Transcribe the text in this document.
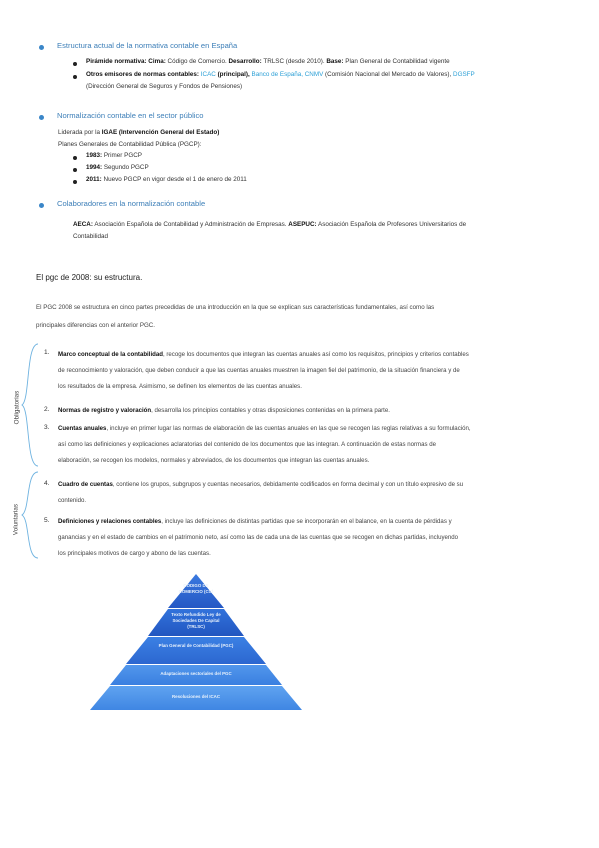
Estructura actual de la normativa contable en España
Pirámide normativa: Cima: Código de Comercio. Desarrollo: TRLSC (desde 2010). Base: Plan General de Contabilidad vigente
Otros emisores de normas contables: ICAC (principal), Banco de España, CNMV (Comisión Nacional del Mercado de Valores), DGSFP
(Dirección General de Seguros y Fondos de Pensiones)
Normalización contable en el sector público
Liderada por la IGAE (Intervención General del Estado)
Planes Generales de Contabilidad Pública (PGCP):
1983: Primer PGCP
1994: Segundo PGCP
2011: Nuevo PGCP en vigor desde el 1 de enero de 2011
Colaboradores en la normalización contable
AECA: Asociación Española de Contabilidad y Administración de Empresas. ASEPUC: Asociación Española de Profesores Universitarios de
Contabilidad
El pgc de 2008: su estructura.
El PGC 2008 se estructura en cinco partes precedidas de una introducción en la que se explican sus características fundamentales, así como las
principales diferencias con el anterior PGC.
Obligatorias
Voluntarias
1. Marco conceptual de la contabilidad, recoge los documentos que integran las cuentas anuales así como los requisitos, principios y criterios contables
de reconocimiento y valoración, que deben conducir a que las cuentas anuales muestren la imagen fiel del patrimonio, de la situación financiera y de
los resultados de la empresa. Asimismo, se definen los elementos de las cuentas anuales.
2. Normas de registro y valoración, desarrolla los principios contables y otras disposiciones contenidas en la primera parte.
3. Cuentas anuales, incluye en primer lugar las normas de elaboración de las cuentas anuales en las que se recogen las reglas relativas a su formulación,
así como las definiciones y explicaciones aclaratorias del contenido de los documentos que las integran. A continuación de estas normas de
elaboración, se recogen los modelos, normales y abreviados, de los documentos que integran las cuentas anuales.
4. Cuadro de cuentas, contiene los grupos, subgrupos y cuentas necesarios, debidamente codificados en forma decimal y con un título expresivo de su
contenido.
5. Definiciones y relaciones contables, incluye las definiciones de distintas partidas que se incorporarán en el balance, en la cuenta de pérdidas y
ganancias y en el estado de cambios en el patrimonio neto, así como las de cada una de las cuentas que se recogen en dichas partidas, incluyendo
los principales motivos de cargo y abono de las cuentas.
CÓDIGO DE COMERCIO (CC)
Texto Refundido Ley de Sociedades De Capital (TRLSC)
Plan General de Contabilidad (PGC)
Adaptaciones sectoriales del PGC
Resoluciones del ICAC
